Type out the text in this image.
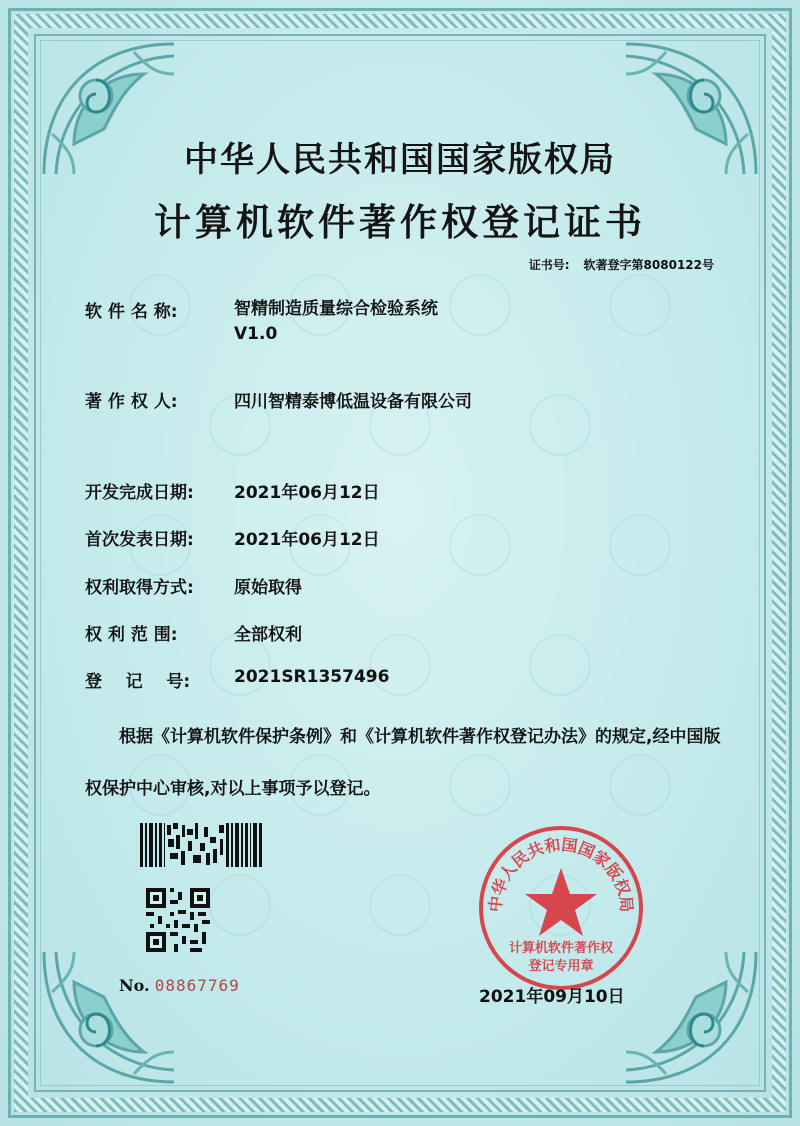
中华人民共和国国家版权局
计算机软件著作权登记证书
证书号: 软著登字第8080122号
软 件 名 称:	智精制造质量综合检验系统
V1.0
著 作 权 人:	四川智精泰博低温设备有限公司
开发完成日期: 2021年06月12日
首次发表日期: 2021年06月12日
权利取得方式: 原始取得
权 利 范 围:	全部权利
登    记    号:	2021SR1357496
根据《计算机软件保护条例》和《计算机软件著作权登记办法》的规定,经中国版权保护中心审核,对以上事项予以登记。
No. 08867769
中华人民共和国国家版权局
计算机软件著作权
登记专用章
2021年09月10日
